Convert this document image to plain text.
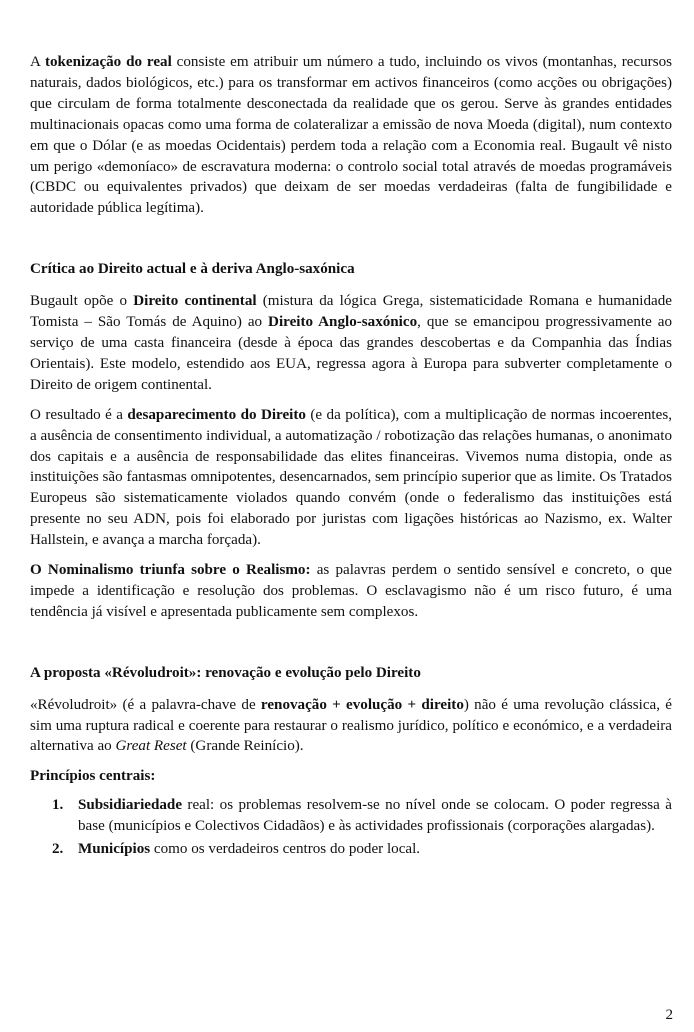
A tokenização do real consiste em atribuir um número a tudo, incluindo os vivos (montanhas, recursos naturais, dados biológicos, etc.) para os transformar em activos financeiros (como acções ou obrigações) que circulam de forma totalmente desconectada da realidade que os gerou. Serve às grandes entidades multinacionais opacas como uma forma de colateralizar a emissão de nova Moeda (digital), num contexto em que o Dólar (e as moedas Ocidentais) perdem toda a relação com a Economia real. Bugault vê nisto um perigo «demoníaco» de escravatura moderna: o controlo social total através de moedas programáveis (CBDC ou equivalentes privados) que deixam de ser moedas verdadeiras (falta de fungibilidade e autoridade pública legítima).

Crítica ao Direito actual e à deriva Anglo-saxónica

Bugault opõe o Direito continental (mistura da lógica Grega, sistematicidade Romana e humanidade Tomista – São Tomás de Aquino) ao Direito Anglo-saxónico, que se emancipou progressivamente ao serviço de uma casta financeira (desde à época das grandes descobertas e da Companhia das Índias Orientais). Este modelo, estendido aos EUA, regressa agora à Europa para subverter completamente o Direito de origem continental.

O resultado é a desaparecimento do Direito (e da política), com a multiplicação de normas incoerentes, a ausência de consentimento individual, a automatização / robotização das relações humanas, o anonimato dos capitais e a ausência de responsabilidade das elites financeiras. Vivemos numa distopia, onde as instituições são fantasmas omnipotentes, desencarnados, sem princípio superior que as limite. Os Tratados Europeus são sistematicamente violados quando convém (onde o federalismo das instituições está presente no seu ADN, pois foi elaborado por juristas com ligações históricas ao Nazismo, ex. Walter Hallstein, e avança a marcha forçada).

O Nominalismo triunfa sobre o Realismo: as palavras perdem o sentido sensível e concreto, o que impede a identificação e resolução dos problemas. O esclavagismo não é um risco futuro, é uma tendência já visível e apresentada publicamente sem complexos.

A proposta «Révoludroit»: renovação e evolução pelo Direito

«Révoludroit» (é a palavra-chave de renovação + evolução + direito) não é uma revolução clássica, é sim uma ruptura radical e coerente para restaurar o realismo jurídico, político e económico, e a verdadeira alternativa ao Great Reset (Grande Reinício).

Princípios centrais:

1. Subsidiariedade real: os problemas resolvem-se no nível onde se colocam. O poder regressa à base (municípios e Colectivos Cidadãos) e às actividades profissionais (corporações alargadas).
2. Municípios como os verdadeiros centros do poder local.
2
